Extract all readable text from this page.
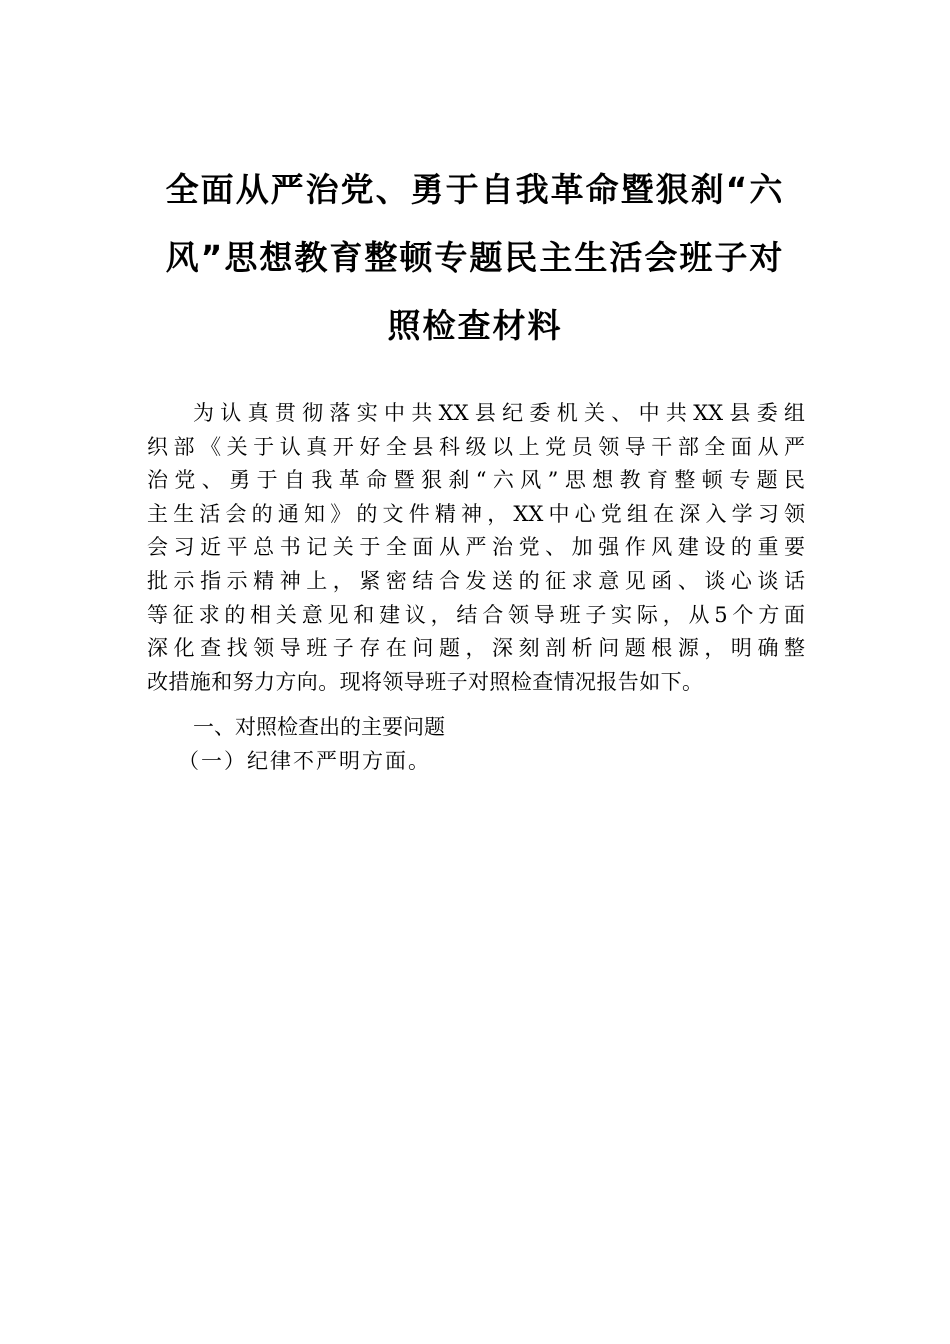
全面从严治党、勇于自我革命暨狠刹“六
风”思想教育整顿专题民主生活会班子对
照检查材料
为认真贯彻落实中共XX县纪委机关、中共XX县委组
织部《关于认真开好全县科级以上党员领导干部全面从严
治党、勇于自我革命暨狠刹“六风”思想教育整顿专题民
主生活会的通知》的文件精神，XX中心党组在深入学习领
会习近平总书记关于全面从严治党、加强作风建设的重要
批示指示精神上，紧密结合发送的征求意见函、谈心谈话
等征求的相关意见和建议，结合领导班子实际，从5个方面
深化查找领导班子存在问题，深刻剖析问题根源，明确整
改措施和努力方向。现将领导班子对照检查情况报告如下。
一、对照检查出的主要问题
（一）纪律不严明方面。
